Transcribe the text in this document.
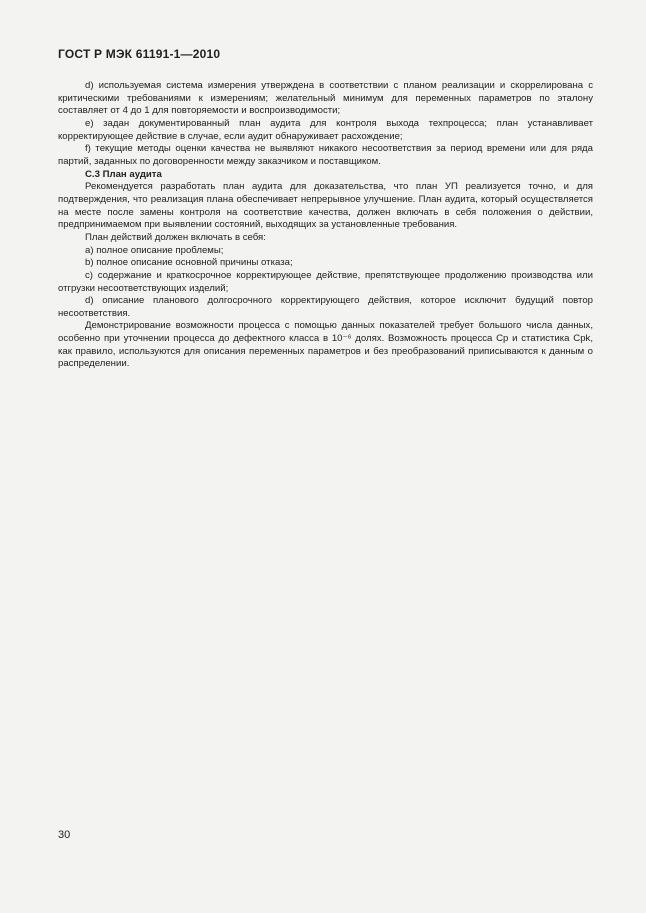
ГОСТ Р МЭК 61191-1—2010

d) используемая система измерения утверждена в соответствии с планом реализации и скоррелирована с критическими требованиями к измерениям; желательный минимум для переменных параметров по эталону составляет от 4 до 1 для повторяемости и воспроизводимости;

е) задан документированный план аудита для контроля выхода техпроцесса; план устанавливает корректирующее действие в случае, если аудит обнаруживает расхождение;

f) текущие методы оценки качества не выявляют никакого несоответствия за период времени или для ряда партий, заданных по договоренности между заказчиком и поставщиком.

С.3 План аудита

Рекомендуется разработать план аудита для доказательства, что план УП реализуется точно, и для подтверждения, что реализация плана обеспечивает непрерывное улучшение. План аудита, который осуществляется на месте после замены контроля на соответствие качества, должен включать в себя положения о действии, предпринимаемом при выявлении состояний, выходящих за установленные требования.

План действий должен включать в себя:

а) полное описание проблемы;

b) полное описание основной причины отказа;

с) содержание и краткосрочное корректирующее действие, препятствующее продолжению производства или отгрузки несоответствующих изделий;

d) описание планового долгосрочного корректирующего действия, которое исключит будущий повтор несоответствия.

Демонстрирование возможности процесса с помощью данных показателей требует большого числа данных, особенно при уточнении процесса до дефектного класса в 10⁻⁶ долях. Возможность процесса Ср и статистика Срk, как правило, используются для описания переменных параметров и без преобразований приписываются к данным о распределении.

30
